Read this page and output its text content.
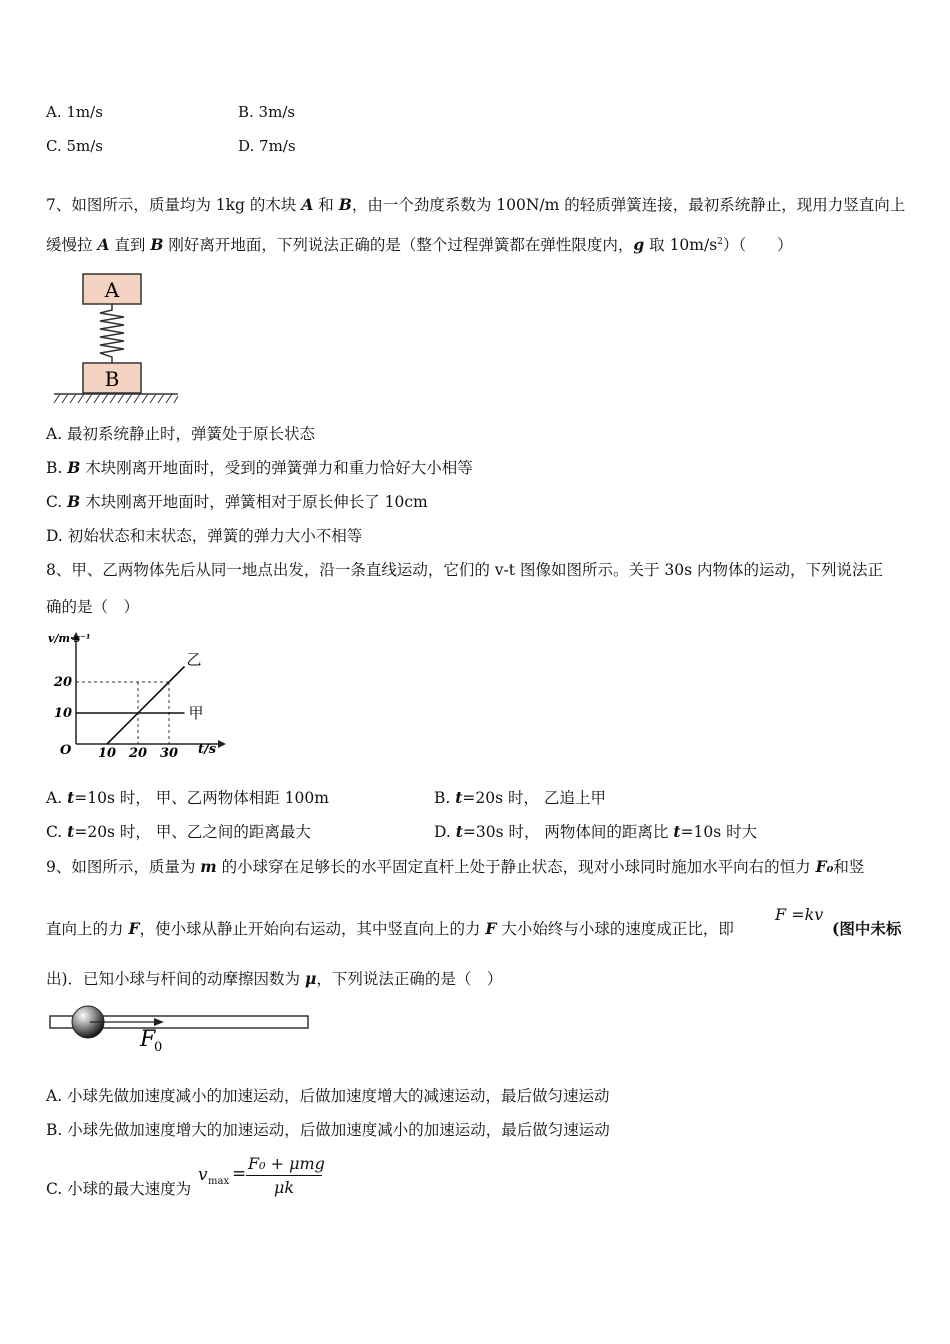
A. 1m/s	B. 3m/s
C. 5m/s	D. 7m/s
7、如图所示，质量均为 1kg 的木块 A 和 B，由一个劲度系数为 100N/m 的轻质弹簧连接，最初系统静止，现用力竖直向上
缓慢拉 A 直到 B 刚好离开地面，下列说法正确的是（整个过程弹簧都在弹性限度内，g 取 $10m/s^2$）（　　）
A
B
A. 最初系统静止时，弹簧处于原长状态
B. B 木块刚离开地面时，受到的弹簧弹力和重力恰好大小相等
C. B 木块刚离开地面时，弹簧相对于原长伸长了 10cm
D. 初始状态和末状态，弹簧的弹力大小不相等
8、甲、乙两物体先后从同一地点出发，沿一条直线运动，它们的 v-t 图像如图所示。关于 30s 内物体的运动，下列说法正
确的是（　）
甲
乙
10 20 30
10
20
v/m·s⁻¹
t/s
O
A. t=10s 时， 甲、乙两物体相距 100m	B. t=20s 时， 乙追上甲
C. t=20s 时， 甲、乙之间的距离最大	D. t=30s 时， 两物体间的距离比 t=10s 时大
9、如图所示，质量为 m 的小球穿在足够长的水平固定直杆上处于静止状态，现对小球同时施加水平向右的恒力 F₀和竖
直向上的力 F，使小球从静止开始向右运动，其中竖直向上的力 F 大小始终与小球的速度成正比，即
F =kv
(图中未标
出)．已知小球与杆间的动摩擦因数为 μ，下列说法正确的是（　）
F
0
A. 小球先做加速度减小的加速运动，后做加速度增大的减速运动，最后做匀速运动
B. 小球先做加速度增大的加速运动，后做加速度减小的加速运动，最后做匀速运动
C. 小球的最大速度为
v max =
F₀ + μmg
μk
